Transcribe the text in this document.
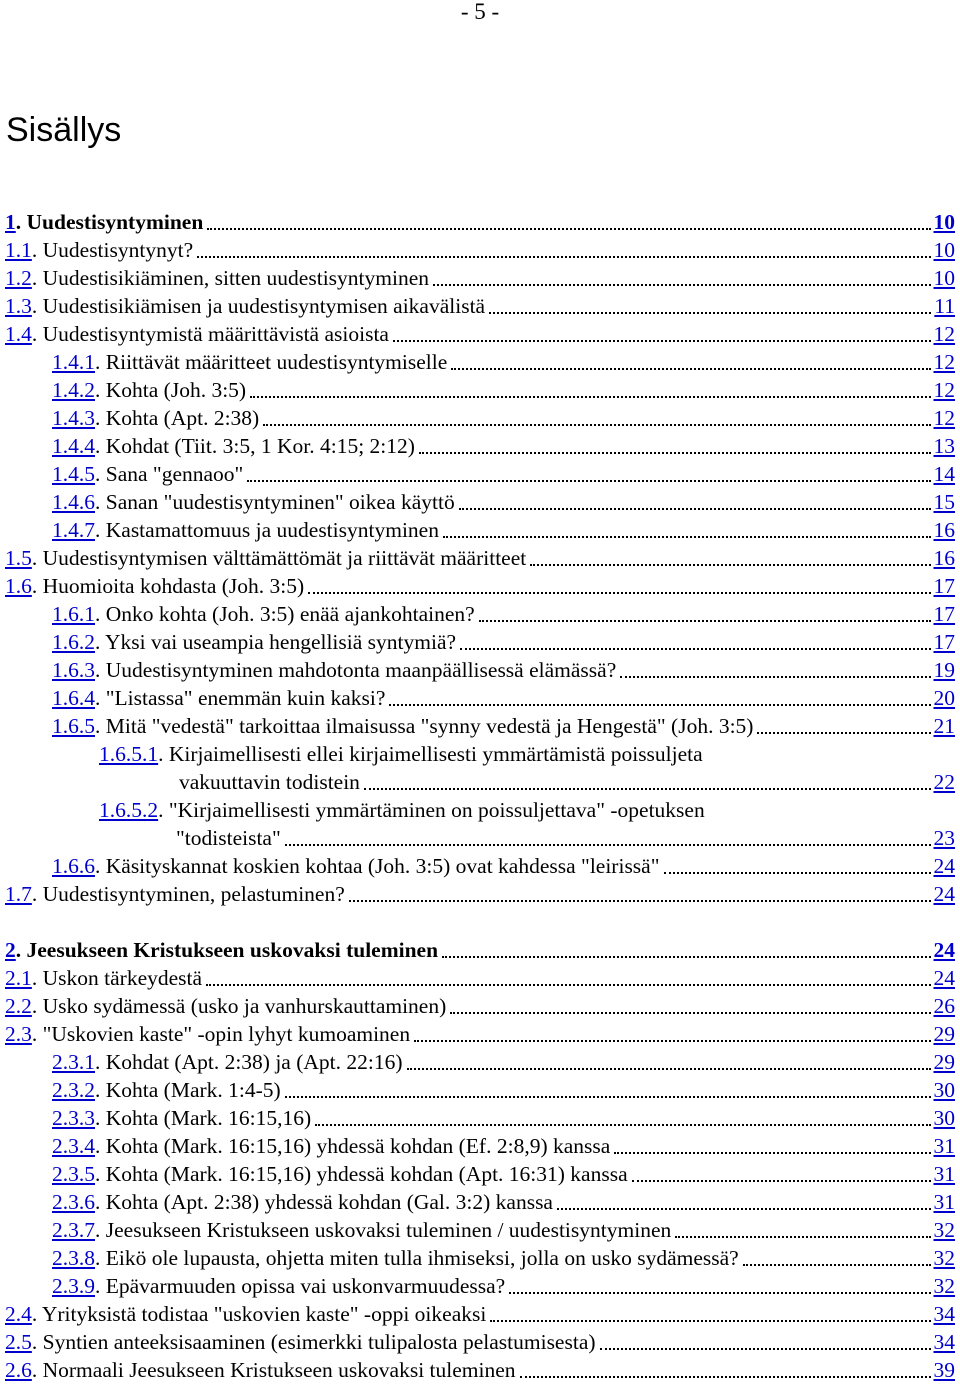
- 5 -
Sisällys
1. Uudestisyntyminen	10
1.1. Uudestisyntynyt?	10
1.2. Uudestisikiäminen, sitten uudestisyntyminen	10
1.3. Uudestisikiämisen ja uudestisyntymisen aikavälistä	11
1.4. Uudestisyntymistä määrittävistä asioista	12
1.4.1. Riittävät määritteet uudestisyntymiselle	12
1.4.2. Kohta (Joh. 3:5)	12
1.4.3. Kohta (Apt. 2:38)	12
1.4.4. Kohdat (Tiit. 3:5, 1 Kor. 4:15; 2:12)	13
1.4.5. Sana "gennaoo"	14
1.4.6. Sanan "uudestisyntyminen" oikea käyttö	15
1.4.7. Kastamattomuus ja uudestisyntyminen	16
1.5. Uudestisyntymisen välttämättömät ja riittävät määritteet	16
1.6. Huomioita kohdasta (Joh. 3:5)	17
1.6.1. Onko kohta (Joh. 3:5) enää ajankohtainen?	17
1.6.2. Yksi vai useampia hengellisiä syntymiä?	17
1.6.3. Uudestisyntyminen mahdotonta maanpäällisessä elämässä?	19
1.6.4. "Listassa" enemmän kuin kaksi?	20
1.6.5. Mitä "vedestä" tarkoittaa ilmaisussa "synny vedestä ja Hengestä" (Joh. 3:5)	21
1.6.5.1. Kirjaimellisesti ellei kirjaimellisesti ymmärtämistä poissuljeta
vakuuttavin todistein	22
1.6.5.2. "Kirjaimellisesti ymmärtäminen on poissuljettava" -opetuksen
"todisteista"	23
1.6.6. Käsityskannat koskien kohtaa (Joh. 3:5) ovat kahdessa "leirissä"	24
1.7. Uudestisyntyminen, pelastuminen?	24
2. Jeesukseen Kristukseen uskovaksi tuleminen	24
2.1. Uskon tärkeydestä	24
2.2. Usko sydämessä (usko ja vanhurskauttaminen)	26
2.3. "Uskovien kaste" -opin lyhyt kumoaminen	29
2.3.1. Kohdat (Apt. 2:38) ja (Apt. 22:16)	29
2.3.2. Kohta (Mark. 1:4-5)	30
2.3.3. Kohta (Mark. 16:15,16)	30
2.3.4. Kohta (Mark. 16:15,16) yhdessä kohdan (Ef. 2:8,9) kanssa	31
2.3.5. Kohta (Mark. 16:15,16) yhdessä kohdan (Apt. 16:31) kanssa	31
2.3.6. Kohta (Apt. 2:38) yhdessä kohdan (Gal. 3:2) kanssa	31
2.3.7. Jeesukseen Kristukseen uskovaksi tuleminen / uudestisyntyminen	32
2.3.8. Eikö ole lupausta, ohjetta miten tulla ihmiseksi, jolla on usko sydämessä?	32
2.3.9. Epävarmuuden opissa vai uskonvarmuudessa?	32
2.4. Yrityksistä todistaa "uskovien kaste" -oppi oikeaksi	34
2.5. Syntien anteeksisaaminen (esimerkki tulipalosta pelastumisesta)	34
2.6. Normaali Jeesukseen Kristukseen uskovaksi tuleminen	39
